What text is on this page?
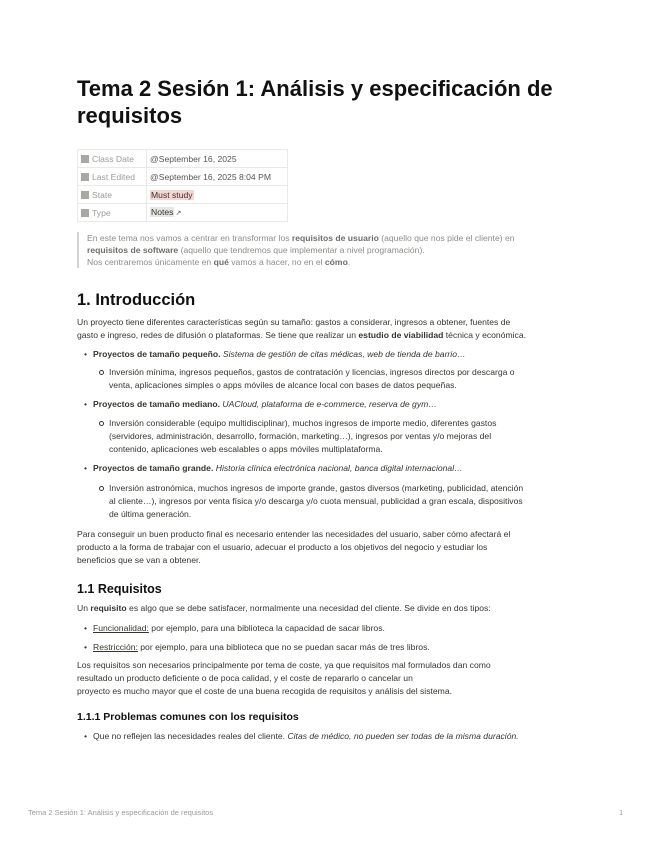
Tema 2 Sesión 1: Análisis y especificación de requisitos
Class Date	@September 16, 2025
Last Edited	@September 16, 2025 8:04 PM
State	Must study
Type	Notes ↗
En este tema nos vamos a centrar en transformar los requisitos de usuario (aquello que nos pide el cliente) en
requisitos de software (aquello que tendremos que implementar a nivel programación).
Nos centraremos únicamente en qué vamos a hacer, no en el cómo.
1. Introducción
Un proyecto tiene diferentes características según su tamaño: gastos a considerar, ingresos a obtener, fuentes de
gasto e ingreso, redes de difusión o plataformas. Se tiene que realizar un estudio de viabilidad técnica y económica.
• Proyectos de tamaño pequeño. Sistema de gestión de citas médicas, web de tienda de barrio…
Inversión mínima, ingresos pequeños, gastos de contratación y licencias, ingresos directos por descarga o
venta, aplicaciones simples o apps móviles de alcance local con bases de datos pequeñas.
• Proyectos de tamaño mediano. UACloud, plataforma de e-commerce, reserva de gym…
Inversión considerable (equipo multidisciplinar), muchos ingresos de importe medio, diferentes gastos
(servidores, administración, desarrollo, formación, marketing…), ingresos por ventas y/o mejoras del
contenido, aplicaciones web escalables o apps móviles multiplataforma.
• Proyectos de tamaño grande. Historia clínica electrónica nacional, banca digital internacional…
Inversión astronómica, muchos ingresos de importe grande, gastos diversos (marketing, publicidad, atención
al cliente…), ingresos por venta física y/o descarga y/o cuota mensual, publicidad a gran escala, dispositivos
de última generación.
Para conseguir un buen producto final es necesario entender las necesidades del usuario, saber cómo afectará el
producto a la forma de trabajar con el usuario, adecuar el producto a los objetivos del negocio y estudiar los
beneficios que se van a obtener.
1.1 Requisitos
Un requisito es algo que se debe satisfacer, normalmente una necesidad del cliente. Se divide en dos tipos:
• Funcionalidad: por ejemplo, para una biblioteca la capacidad de sacar libros.
• Restricción: por ejemplo, para una biblioteca que no se puedan sacar más de tres libros.
Los requisitos son necesarios principalmente por tema de coste, ya que requisitos mal formulados dan como
resultado un producto deficiente o de poca calidad, y el coste de repararlo o cancelar un
proyecto es mucho mayor que el coste de una buena recogida de requisitos y análisis del sistema.
1.1.1 Problemas comunes con los requisitos
• Que no reflejen las necesidades reales del cliente. Citas de médico, no pueden ser todas de la misma duración.
Tema 2 Sesión 1: Análisis y especificación de requisitos	1
